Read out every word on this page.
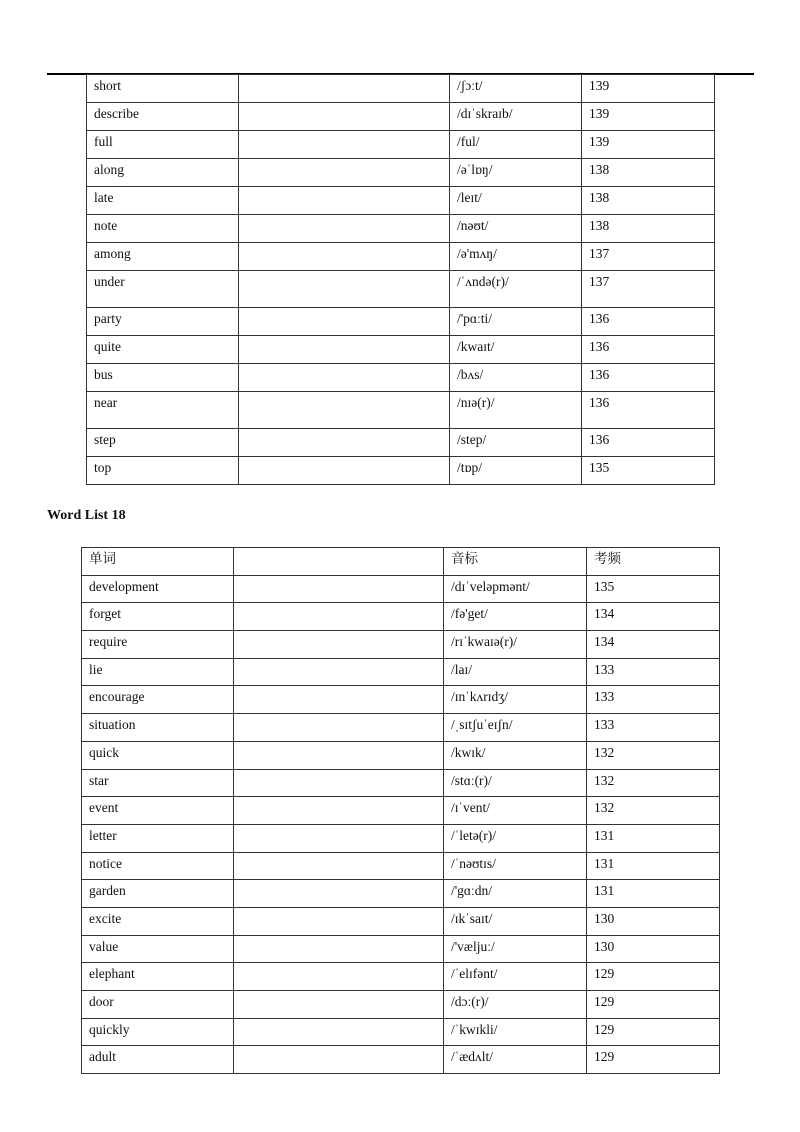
short		/ʃɔːt/	139
describe		/dɪˈskraɪb/	139
full		/ful/	139
along		/əˈlɒŋ/	138
late		/leɪt/	138
note		/nəʊt/	138
among		/ə'mʌŋ/	137
under		/ˈʌndə(r)/	137
party		/'pɑːti/	136
quite		/kwaɪt/	136
bus		/bʌs/	136
near		/nɪə(r)/	136
step		/step/	136
top		/tɒp/	135
Word List 18
单词		音标	考频
development		/dɪˈveləpmənt/	135
forget		/fə'get/	134
require		/rɪˈkwaɪə(r)/	134
lie		/laɪ/	133
encourage		/ɪnˈkʌrɪdʒ/	133
situation		/ˌsɪtʃuˈeɪʃn/	133
quick		/kwɪk/	132
star		/stɑː(r)/	132
event		/ɪˈvent/	132
letter		/ˈletə(r)/	131
notice		/ˈnəʊtɪs/	131
garden		/'gɑːdn/	131
excite		/ɪkˈsaɪt/	130
value		/'væljuː/	130
elephant		/ˈelɪfənt/	129
door		/dɔː(r)/	129
quickly		/ˈkwɪkli/	129
adult		/ˈædʌlt/	129
